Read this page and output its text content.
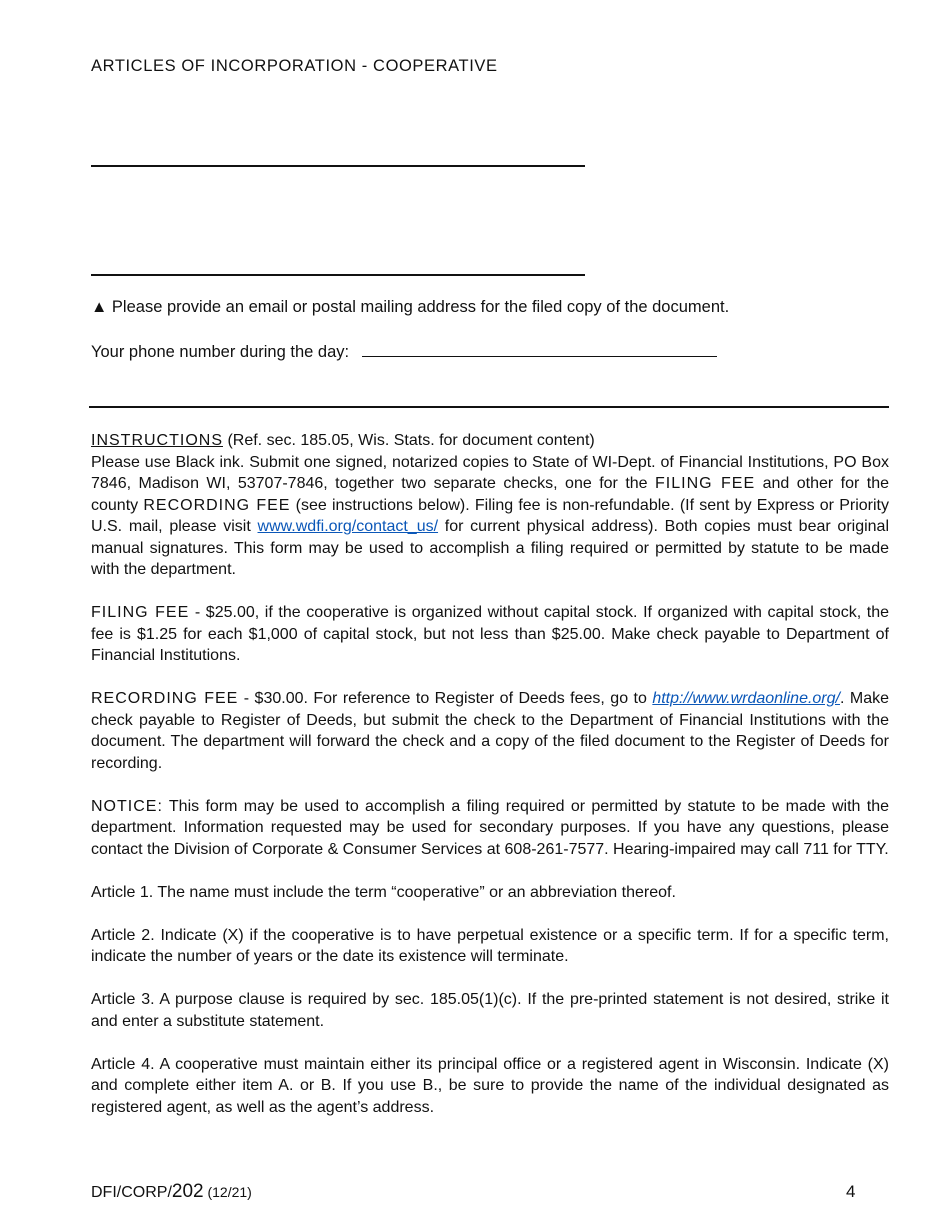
ARTICLES OF INCORPORATION - COOPERATIVE
▲ Please provide an email or postal mailing address for the filed copy of the document.
Your phone number during the day:

INSTRUCTIONS (Ref. sec. 185.05, Wis. Stats. for document content)
Please use Black ink. Submit one signed, notarized copies to State of WI-Dept. of Financial Institutions, PO Box 7846, Madison WI, 53707-7846, together two separate checks, one for the FILING FEE and other for the county RECORDING FEE (see instructions below). Filing fee is non-refundable. (If sent by Express or Priority U.S. mail, please visit www.wdfi.org/contact_us/ for current physical address). Both copies must bear original manual signatures. This form may be used to accomplish a filing required or permitted by statute to be made with the department.

FILING FEE - $25.00, if the cooperative is organized without capital stock. If organized with capital stock, the fee is $1.25 for each $1,000 of capital stock, but not less than $25.00. Make check payable to Department of Financial Institutions.

RECORDING FEE - $30.00. For reference to Register of Deeds fees, go to http://www.wrdaonline.org/. Make check payable to Register of Deeds, but submit the check to the Department of Financial Institutions with the document. The department will forward the check and a copy of the filed document to the Register of Deeds for recording.

NOTICE: This form may be used to accomplish a filing required or permitted by statute to be made with the department. Information requested may be used for secondary purposes. If you have any questions, please contact the Division of Corporate & Consumer Services at 608-261-7577. Hearing-impaired may call 711 for TTY.

Article 1. The name must include the term “cooperative” or an abbreviation thereof.

Article 2. Indicate (X) if the cooperative is to have perpetual existence or a specific term. If for a specific term, indicate the number of years or the date its existence will terminate.

Article 3. A purpose clause is required by sec. 185.05(1)(c). If the pre-printed statement is not desired, strike it and enter a substitute statement.

Article 4. A cooperative must maintain either its principal office or a registered agent in Wisconsin. Indicate (X) and complete either item A. or B. If you use B., be sure to provide the name of the individual designated as registered agent, as well as the agent’s address.

DFI/CORP/202 (12/21)	4
